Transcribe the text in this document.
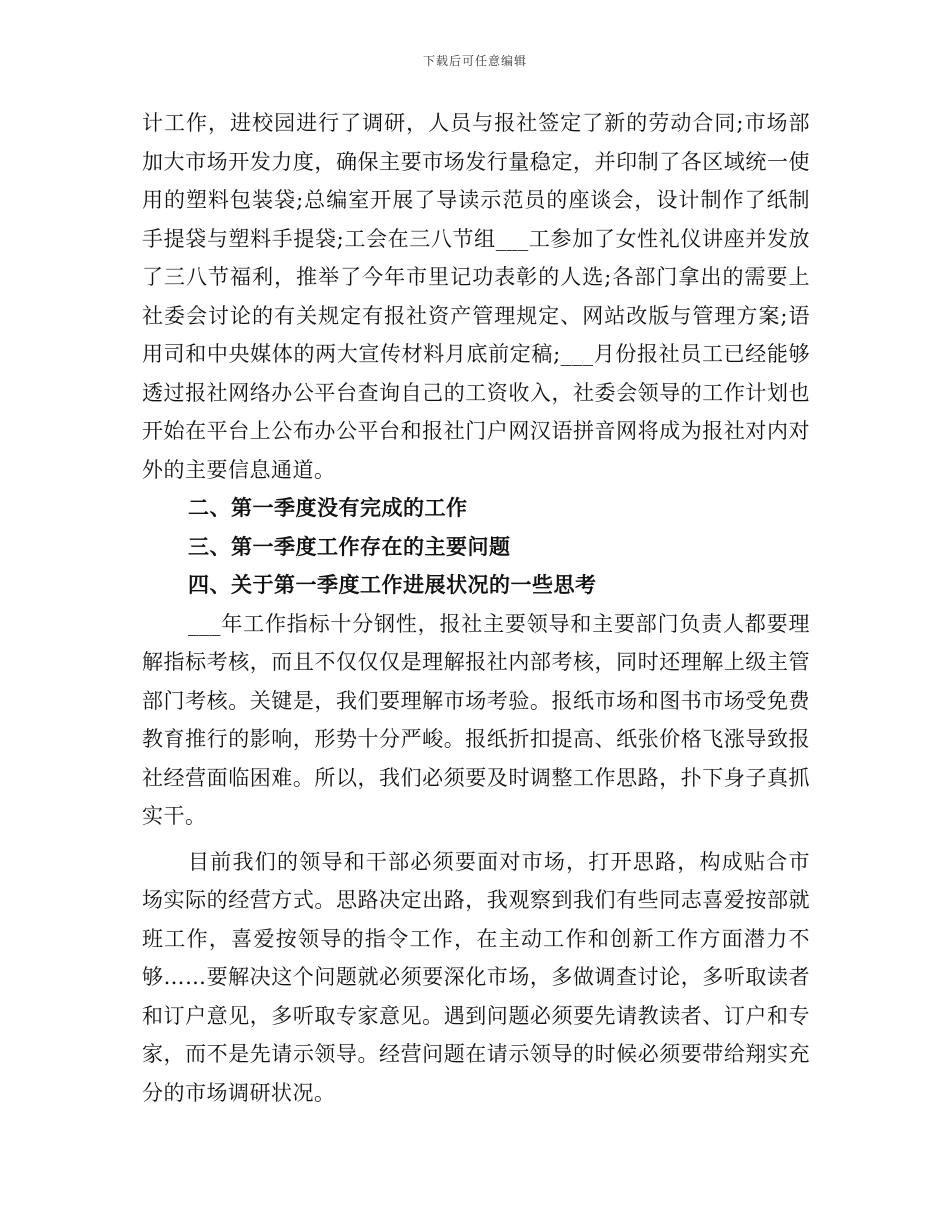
下载后可任意编辑

计工作，进校园进行了调研，人员与报社签定了新的劳动合同;市场部加大市场开发力度，确保主要市场发行量稳定，并印制了各区域统一使用的塑料包装袋;总编室开展了导读示范员的座谈会，设计制作了纸制手提袋与塑料手提袋;工会在三八节组___工参加了女性礼仪讲座并发放了三八节福利，推举了今年市里记功表彰的人选;各部门拿出的需要上社委会讨论的有关规定有报社资产管理规定、网站改版与管理方案;语用司和中央媒体的两大宣传材料月底前定稿;___月份报社员工已经能够透过报社网络办公平台查询自己的工资收入，社委会领导的工作计划也开始在平台上公布办公平台和报社门户网汉语拼音网将成为报社对内对外的主要信息通道。

二、第一季度没有完成的工作

三、第一季度工作存在的主要问题

四、关于第一季度工作进展状况的一些思考

___年工作指标十分钢性，报社主要领导和主要部门负责人都要理解指标考核，而且不仅仅仅是理解报社内部考核，同时还理解上级主管部门考核。关键是，我们要理解市场考验。报纸市场和图书市场受免费教育推行的影响，形势十分严峻。报纸折扣提高、纸张价格飞涨导致报社经营面临困难。所以，我们必须要及时调整工作思路，扑下身子真抓实干。

目前我们的领导和干部必须要面对市场，打开思路，构成贴合市场实际的经营方式。思路决定出路，我观察到我们有些同志喜爱按部就班工作，喜爱按领导的指令工作，在主动工作和创新工作方面潜力不够……要解决这个问题就必须要深化市场，多做调查讨论，多听取读者和订户意见，多听取专家意见。遇到问题必须要先请教读者、订户和专家，而不是先请示领导。经营问题在请示领导的时候必须要带给翔实充分的市场调研状况。
